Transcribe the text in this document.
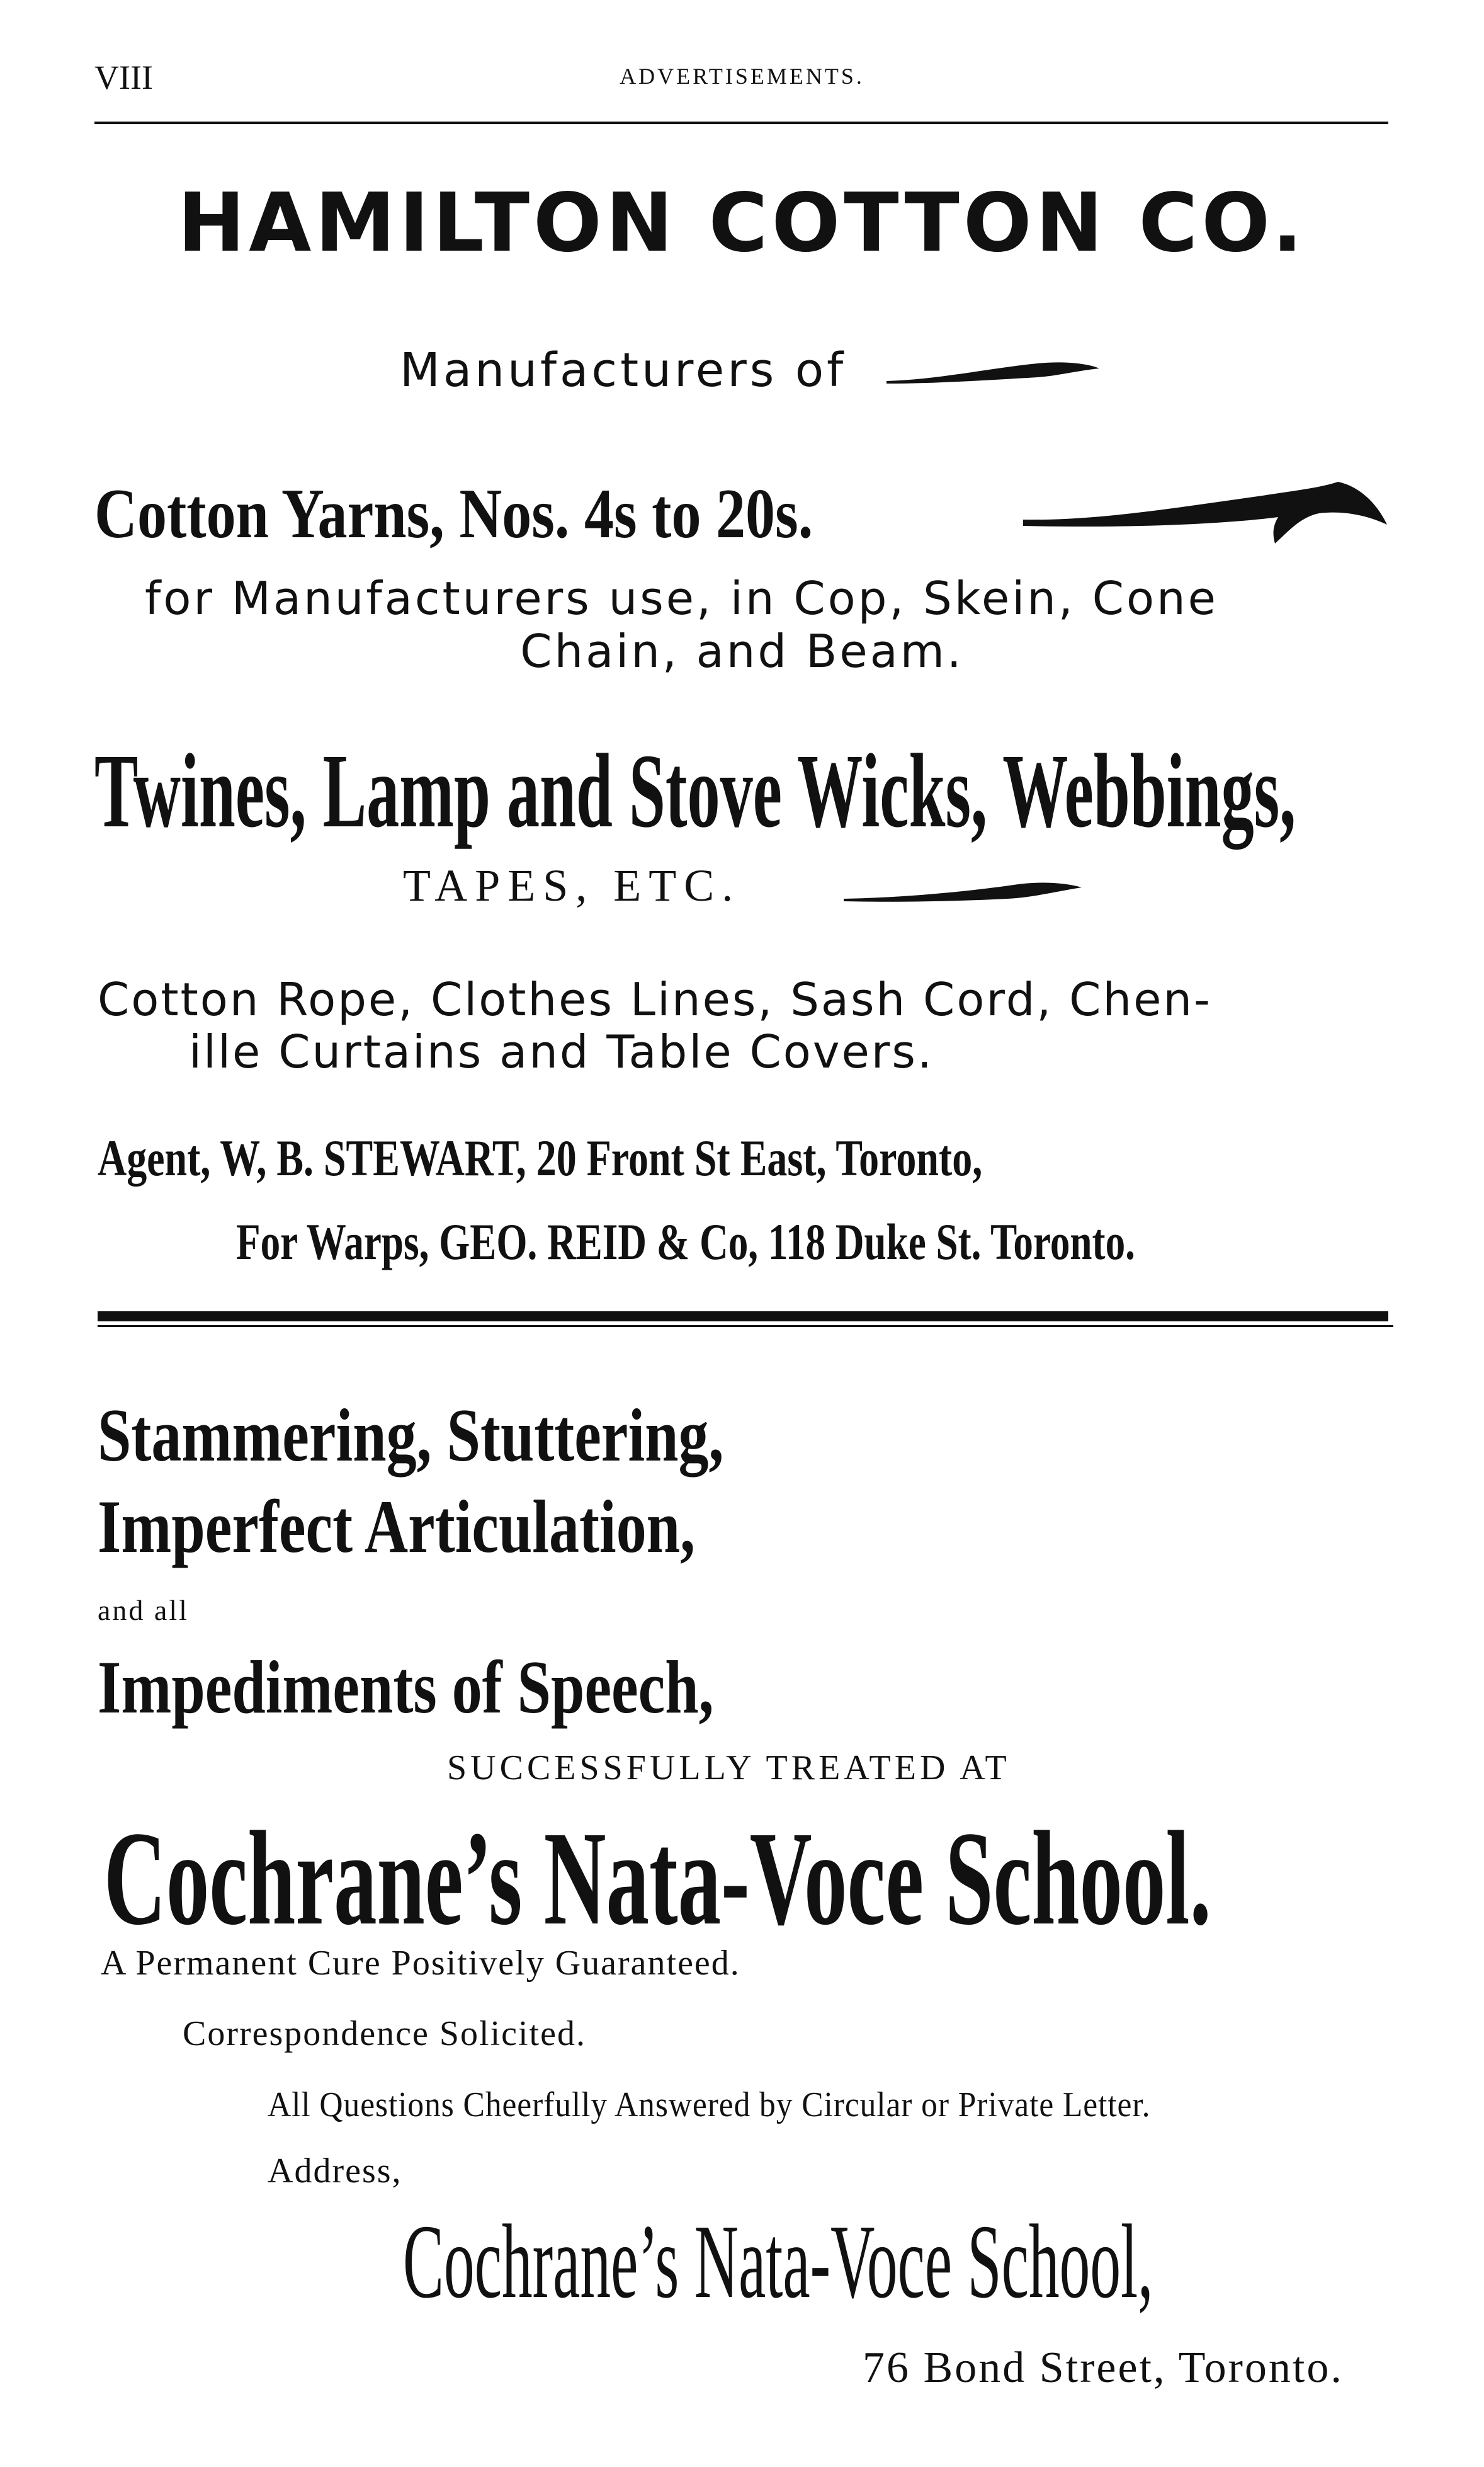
VIII	ADVERTISEMENTS.
HAMILTON COTTON CO.
Manufacturers of
Cotton Yarns, Nos. 4s to 20s.
for Manufacturers use, in Cop, Skein, Cone
Chain, and Beam.
Twines, Lamp and Stove Wicks, Webbings,
TAPES, ETC.
Cotton Rope, Clothes Lines, Sash Cord, Chen-
ille Curtains and Table Covers.
Agent, W, B. STEWART, 20 Front St East, Toronto,
For Warps, GEO. REID & Co, 118 Duke St. Toronto.
Stammering, Stuttering,
Imperfect Articulation,
and all
Impediments of Speech,
SUCCESSFULLY TREATED AT
Cochrane’s Nata-Voce School.
A Permanent Cure Positively Guaranteed.
Correspondence Solicited.
All Questions Cheerfully Answered by Circular or Private Letter.
Address,
Cochrane’s Nata-Voce School,
76 Bond Street, Toronto.
